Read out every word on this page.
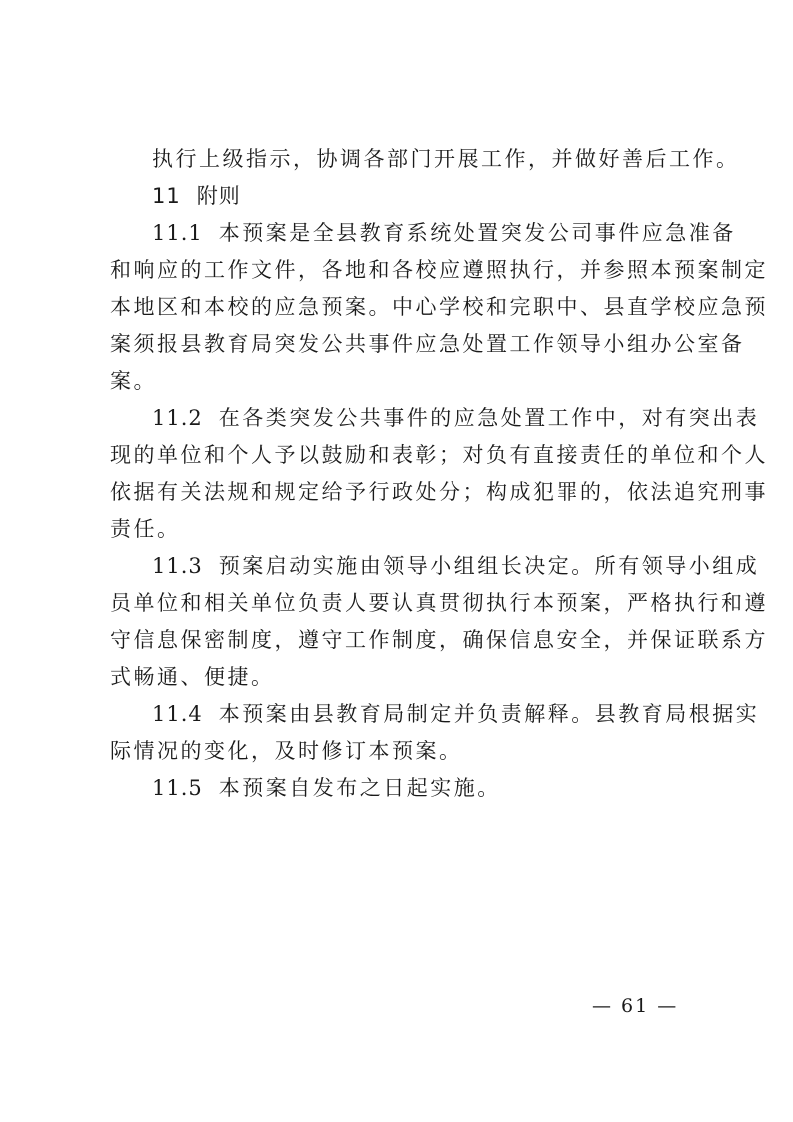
执行上级指示，协调各部门开展工作，并做好善后工作。

11 附则

11.1 本预案是全县教育系统处置突发公司事件应急准备

和响应的工作文件，各地和各校应遵照执行，并参照本预案制定

本地区和本校的应急预案。中心学校和完职中、县直学校应急预

案须报县教育局突发公共事件应急处置工作领导小组办公室备

案。

11.2 在各类突发公共事件的应急处置工作中，对有突出表

现的单位和个人予以鼓励和表彰；对负有直接责任的单位和个人

依据有关法规和规定给予行政处分；构成犯罪的，依法追究刑事

责任。

11.3 预案启动实施由领导小组组长决定。所有领导小组成

员单位和相关单位负责人要认真贯彻执行本预案，严格执行和遵

守信息保密制度，遵守工作制度，确保信息安全，并保证联系方

式畅通、便捷。

11.4 本预案由县教育局制定并负责解释。县教育局根据实

际情况的变化，及时修订本预案。

11.5 本预案自发布之日起实施。

— 61 —
